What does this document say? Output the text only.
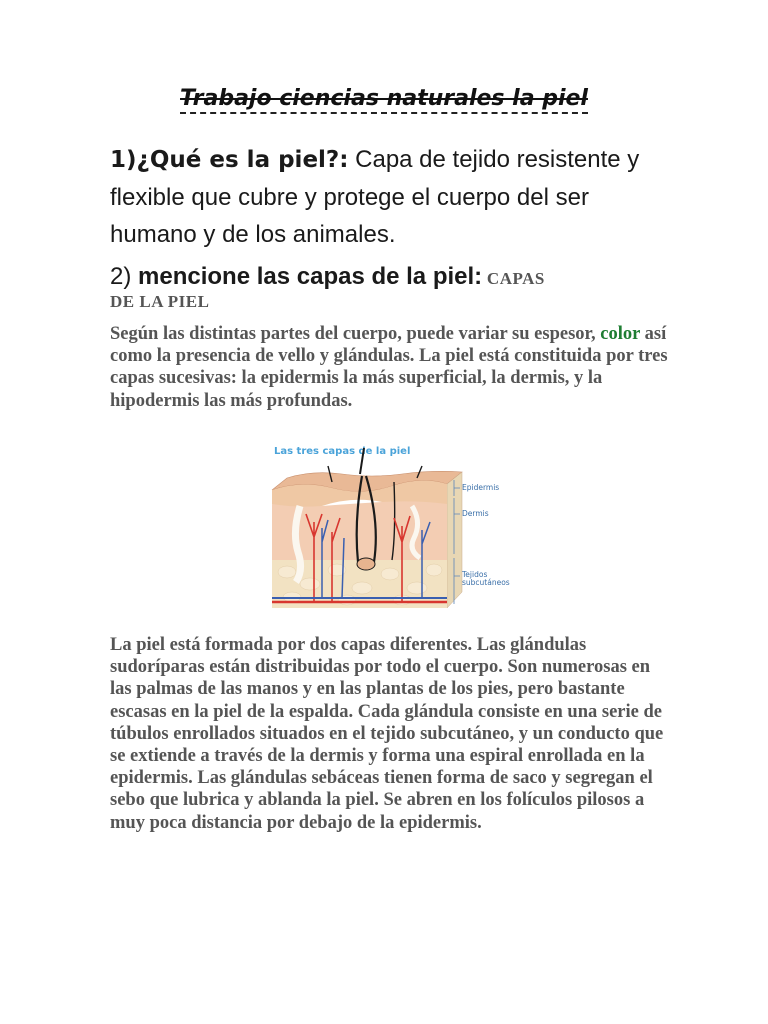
Trabajo ciencias naturales la piel

1)¿Qué es la piel?: Capa de tejido resistente y flexible que cubre y protege el cuerpo del ser humano y de los animales.

2) mencione las capas de la piel: CAPAS
DE LA PIEL

Según las distintas partes del cuerpo, puede variar su espesor, color así como la presencia de vello y glándulas. La piel está constituida por tres capas sucesivas: la epidermis la más superficial, la dermis, y la hipodermis las más profundas.

Las tres capas de la piel
Epidermis
Dermis
Tejidos
subcutáneos

La piel está formada por dos capas diferentes. Las glándulas sudoríparas están distribuidas por todo el cuerpo. Son numerosas en las palmas de las manos y en las plantas de los pies, pero bastante escasas en la piel de la espalda. Cada glándula consiste en una serie de túbulos enrollados situados en el tejido subcutáneo, y un conducto que se extiende a través de la dermis y forma una espiral enrollada en la epidermis. Las glándulas sebáceas tienen forma de saco y segregan el sebo que lubrica y ablanda la piel. Se abren en los folículos pilosos a muy poca distancia por debajo de la epidermis.
